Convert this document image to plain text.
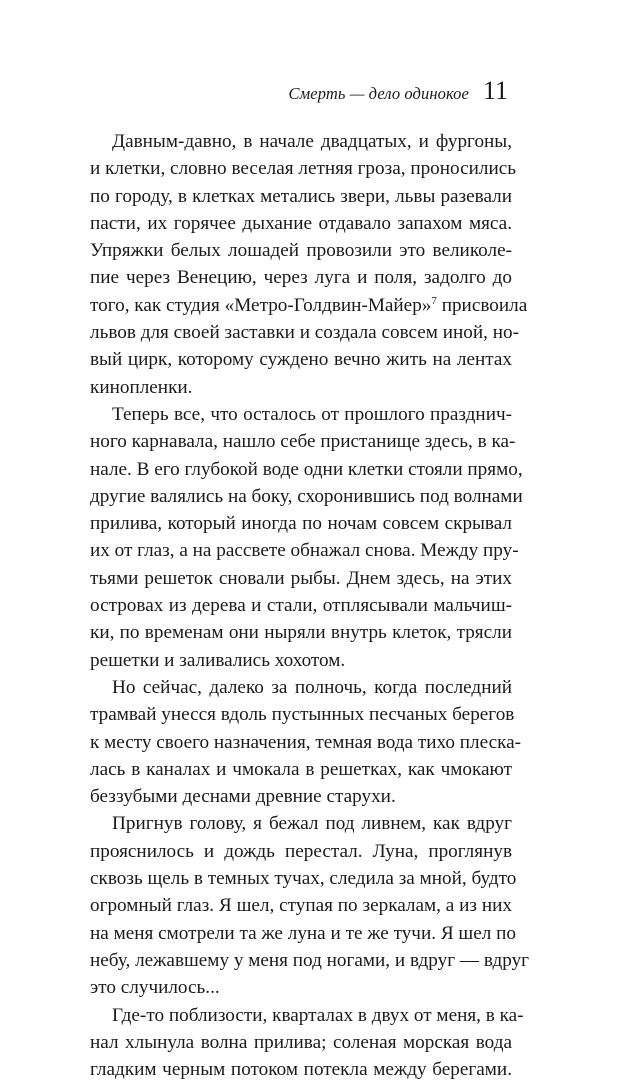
Смерть — дело одинокое 11
Давным-давно, в начале двадцатых, и фургоны,
и клетки, словно веселая летняя гроза, проносились
по городу, в клетках метались звери, львы разевали
пасти, их горячее дыхание отдавало запахом мяса.
Упряжки белых лошадей провозили это великоле-
пие через Венецию, через луга и поля, задолго до
того, как студия «Метро-Голдвин-Майер»$^7$ присвоила
львов для своей заставки и создала совсем иной, но-
вый цирк, которому суждено вечно жить на лентах
кинопленки.
Теперь все, что осталось от прошлого празднич-
ного карнавала, нашло себе пристанище здесь, в ка-
нале. В его глубокой воде одни клетки стояли прямо,
другие валялись на боку, схоронившись под волнами
прилива, который иногда по ночам совсем скрывал
их от глаз, а на рассвете обнажал снова. Между пру-
тьями решеток сновали рыбы. Днем здесь, на этих
островах из дерева и стали, отплясывали мальчиш-
ки, по временам они ныряли внутрь клеток, трясли
решетки и заливались хохотом.
Но сейчас, далеко за полночь, когда последний
трамвай унесся вдоль пустынных песчаных берегов
к месту своего назначения, темная вода тихо плеска-
лась в каналах и чмокала в решетках, как чмокают
беззубыми деснами древние старухи.
Пригнув голову, я бежал под ливнем, как вдруг
прояснилось и дождь перестал. Луна, проглянув
сквозь щель в темных тучах, следила за мной, будто
огромный глаз. Я шел, ступая по зеркалам, а из них
на меня смотрели та же луна и те же тучи. Я шел по
небу, лежавшему у меня под ногами, и вдруг — вдруг
это случилось...
Где-то поблизости, кварталах в двух от меня, в ка-
нал хлынула волна прилива; соленая морская вода
гладким черным потоком потекла между берегами.
